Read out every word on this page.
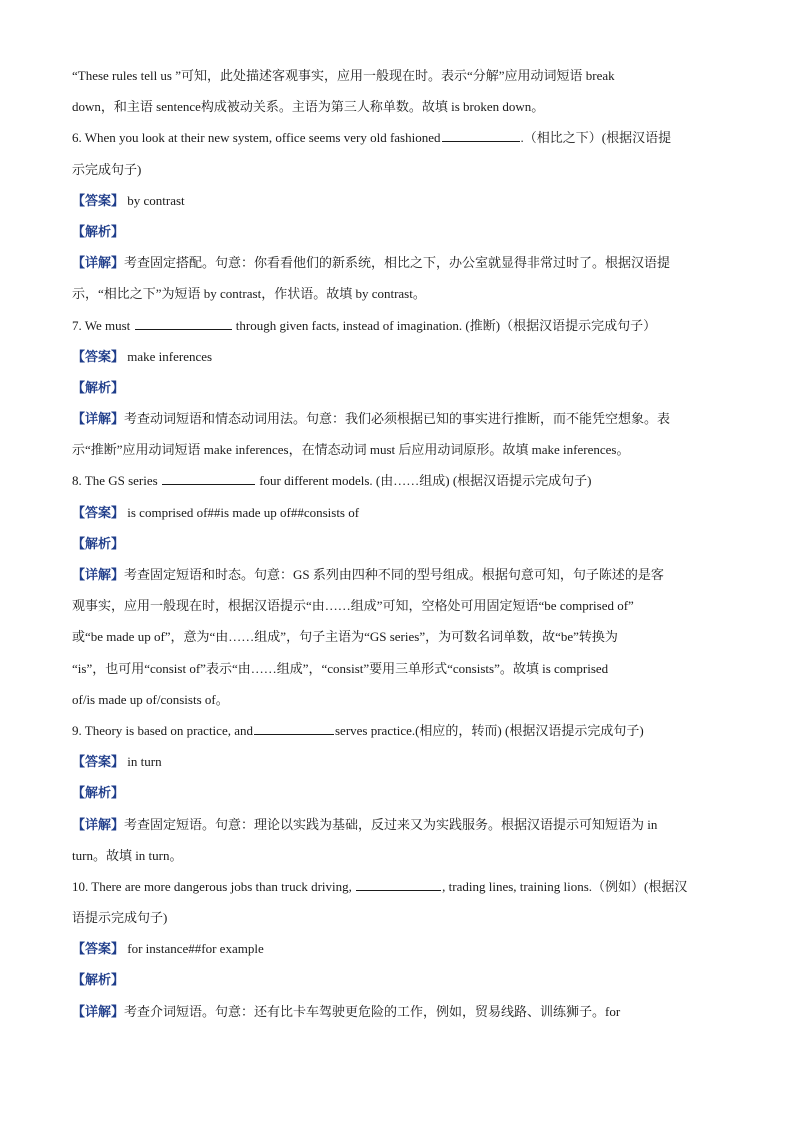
“These rules tell us ”可知，此处描述客观事实，应用一般现在时。表示“分解”应用动词短语 break
down，和主语 sentence构成被动关系。主语为第三人称单数。故填 is broken down。
6. When you look at their new system, office seems very old fashioned	.（相比之下）(根据汉语提
示完成句子)
【答案】 by contrast
【解析】
【详解】考查固定搭配。句意：你看看他们的新系统，相比之下，办公室就显得非常过时了。根据汉语提
示，“相比之下”为短语 by contrast，作状语。故填 by contrast。
7. We must	through given facts, instead of imagination. (推断)（根据汉语提示完成句子）
【答案】 make inferences
【解析】
【详解】考查动词短语和情态动词用法。句意：我们必须根据已知的事实进行推断，而不能凭空想象。表
示“推断”应用动词短语 make inferences，在情态动词 must 后应用动词原形。故填 make inferences。
8. The GS series	four different models. (由……组成) (根据汉语提示完成句子)
【答案】 is comprised of##is made up of##consists of
【解析】
【详解】考查固定短语和时态。句意：GS 系列由四种不同的型号组成。根据句意可知，句子陈述的是客
观事实，应用一般现在时，根据汉语提示“由……组成”可知，空格处可用固定短语“be comprised of”
或“be made up of”，意为“由……组成”，句子主语为“GS series”，为可数名词单数，故“be”转换为
“is”，也可用“consist of”表示“由……组成”，“consist”要用三单形式“consists”。故填 is comprised
of/is made up of/consists of。
9. Theory is based on practice, and	serves practice.(相应的，转而) (根据汉语提示完成句子)
【答案】 in turn
【解析】
【详解】考查固定短语。句意：理论以实践为基础，反过来又为实践服务。根据汉语提示可知短语为 in
turn。故填 in turn。
10. There are more dangerous jobs than truck driving,	, trading lines, training lions.（例如）(根据汉
语提示完成句子)
【答案】 for instance##for example
【解析】
【详解】考查介词短语。句意：还有比卡车驾驶更危险的工作，例如，贸易线路、训练狮子。for
